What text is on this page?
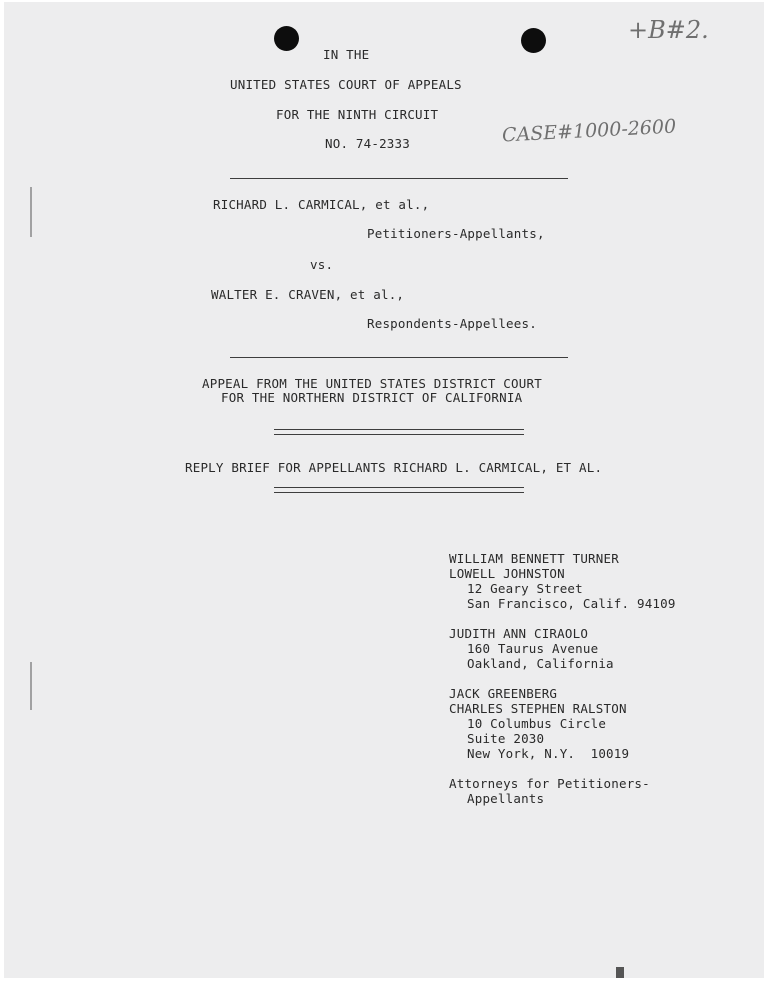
+B#2.
CASE#1000-2600
IN THE
UNITED STATES COURT OF APPEALS
FOR THE NINTH CIRCUIT
NO. 74-2333
RICHARD L. CARMICAL, et al.,
Petitioners-Appellants,
vs.
WALTER E. CRAVEN, et al.,
Respondents-Appellees.
APPEAL FROM THE UNITED STATES DISTRICT COURT
FOR THE NORTHERN DISTRICT OF CALIFORNIA
REPLY BRIEF FOR APPELLANTS RICHARD L. CARMICAL, ET AL.
WILLIAM BENNETT TURNER
LOWELL JOHNSTON
12 Geary Street
San Francisco, Calif. 94109
JUDITH ANN CIRAOLO
160 Taurus Avenue
Oakland, California
JACK GREENBERG
CHARLES STEPHEN RALSTON
10 Columbus Circle
Suite 2030
New York, N.Y.  10019
Attorneys for Petitioners-
Appellants
